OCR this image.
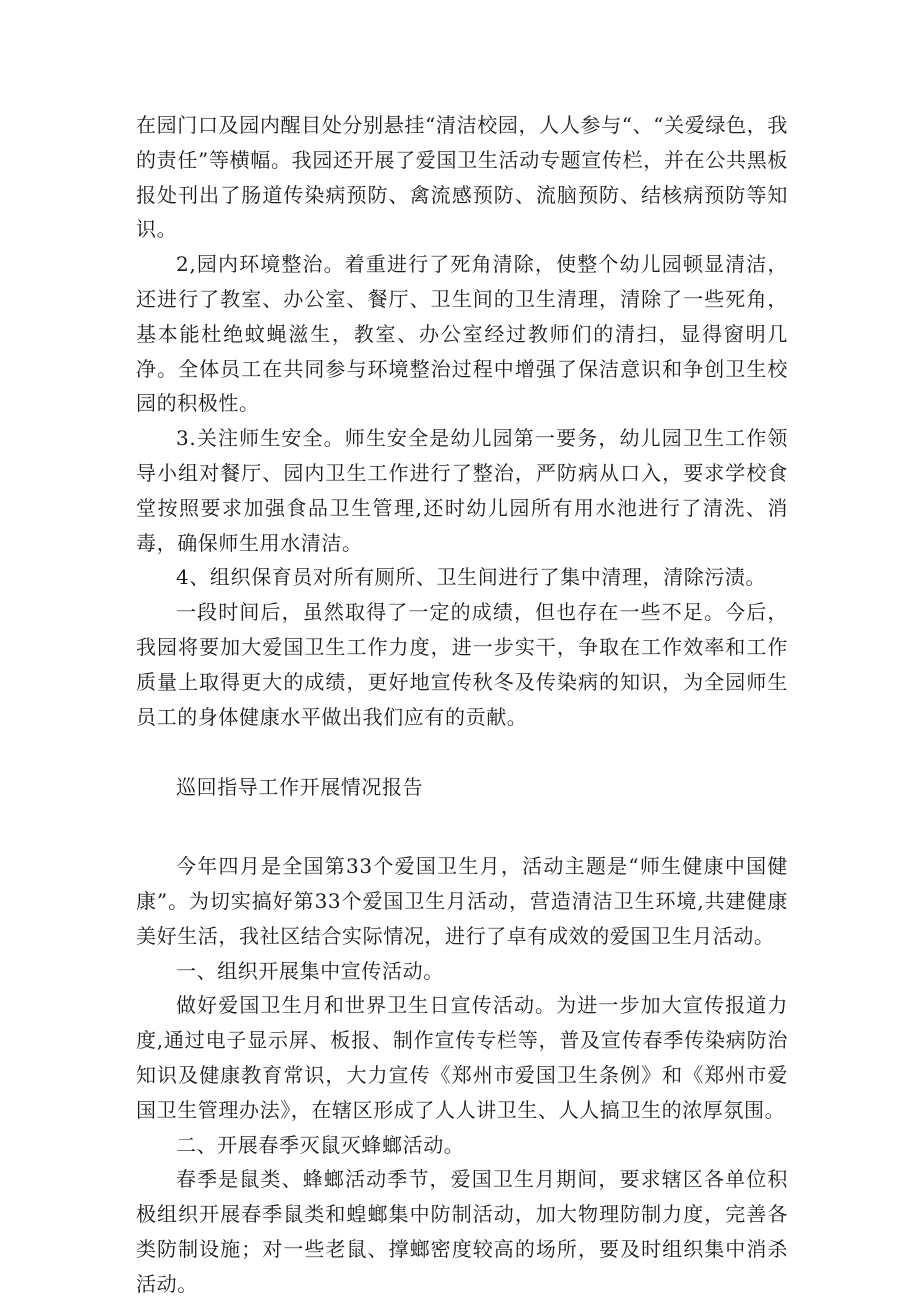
在园门口及园内醒目处分别悬挂“清洁校园，人人参与“、“关爱绿色，我的责任”等横幅。我园还开展了爱国卫生活动专题宣传栏，并在公共黑板报处刊出了肠道传染病预防、禽流感预防、流脑预防、结核病预防等知识。

2,园内环境整治。着重进行了死角清除，使整个幼儿园顿显清洁，还进行了教室、办公室、餐厅、卫生间的卫生清理，清除了一些死角，基本能杜绝蚊蝇滋生，教室、办公室经过教师们的清扫，显得窗明几净。全体员工在共同参与环境整治过程中增强了保洁意识和争创卫生校园的积极性。

3.关注师生安全。师生安全是幼儿园第一要务，幼儿园卫生工作领导小组对餐厅、园内卫生工作进行了整治，严防病从口入，要求学校食堂按照要求加强食品卫生管理,还时幼儿园所有用水池进行了清洗、消毒，确保师生用水清洁。

4、组织保育员对所有厕所、卫生间进行了集中清理，清除污渍。

一段时间后，虽然取得了一定的成绩，但也存在一些不足。今后，我园将要加大爱国卫生工作力度，进一步实干，争取在工作效率和工作质量上取得更大的成绩，更好地宣传秋冬及传染病的知识，为全园师生员工的身体健康水平做出我们应有的贡献。

巡回指导工作开展情况报告

今年四月是全国第33个爱国卫生月，活动主题是“师生健康中国健康”。为切实搞好第33个爱国卫生月活动，营造清洁卫生环境,共建健康美好生活，我社区结合实际情况，进行了卓有成效的爱国卫生月活动。

一、组织开展集中宣传活动。

做好爱国卫生月和世界卫生日宣传活动。为进一步加大宣传报道力度,通过电子显示屏、板报、制作宣传专栏等，普及宣传春季传染病防治知识及健康教育常识，大力宣传《郑州市爱国卫生条例》和《郑州市爱国卫生管理办法》，在辖区形成了人人讲卫生、人人搞卫生的浓厚氛围。

二、开展春季灭鼠灭蜂螂活动。

春季是鼠类、蜂螂活动季节，爱国卫生月期间，要求辖区各单位积极组织开展春季鼠类和蝗螂集中防制活动，加大物理防制力度，完善各类防制设施；对一些老鼠、撑螂密度较高的场所，要及时组织集中消杀活动。
